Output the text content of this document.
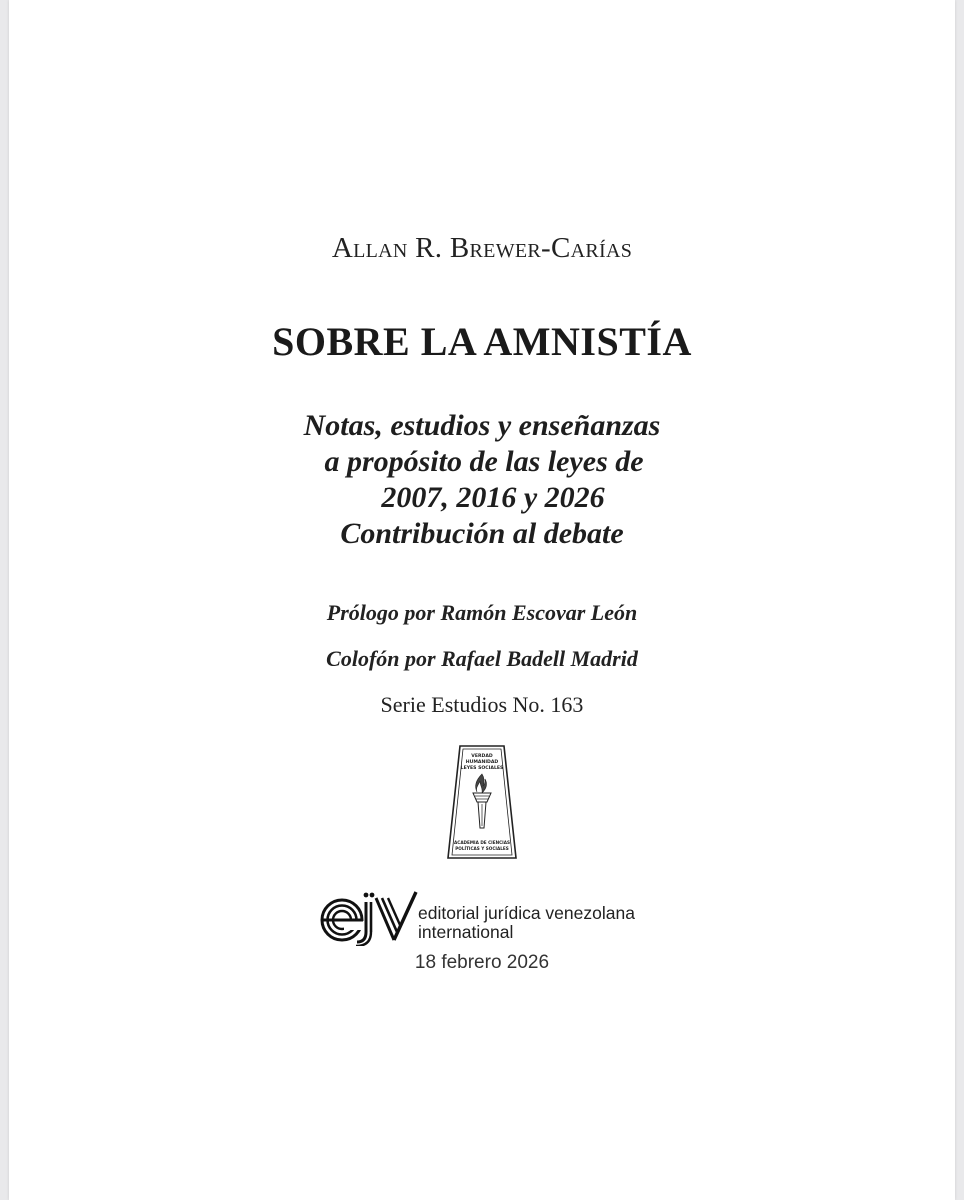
Allan R. Brewer-Carías
SOBRE LA AMNISTÍA
Notas, estudios y enseñanzas
a propósito de las leyes de
2007, 2016 y 2026
Contribución al debate
Prólogo por Ramón Escovar León
Colofón por Rafael Badell Madrid
Serie Estudios No. 163
VERDAD
HUMANIDAD
LEYES SOCIALES
ACADEMIA DE CIENCIAS
POLÍTICAS Y SOCIALES
editorial jurídica venezolana
international
18 febrero 2026
